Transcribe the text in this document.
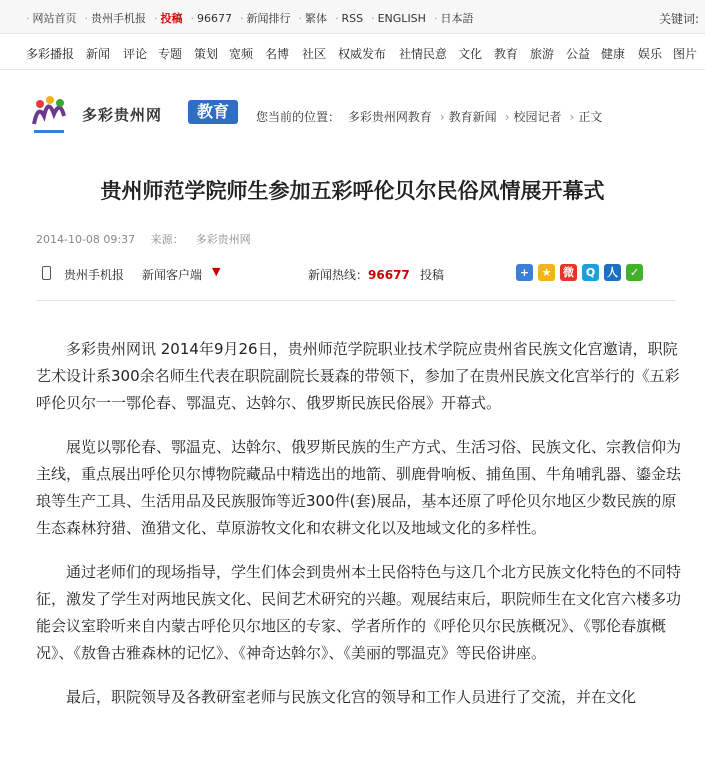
· 网站首页 · 贵州手机报 · 投稿 · 96677 · 新闻排行 · 繁体 · RSS · ENGLISH · 日本語	关键词:
多彩播报 新闻 评论 专题 策划 宽频 名博 社区 权威发布 社情民意 文化 教育 旅游 公益 健康 娱乐 图片
多彩贵州网	教育	您当前的位置： 多彩贵州网教育 › 教育新闻 › 校园记者 › 正文
贵州师范学院师生参加五彩呼伦贝尔民俗风情展开幕式
2014-10-08 09:37 来源： 多彩贵州网
贵州手机报 新闻客户端 ▼	新闻热线：96677 投稿	+ ★ 微 Q 人 ✓

多彩贵州网讯 2014年9月26日，贵州师范学院职业技术学院应贵州省民族文化宫邀请，职院艺术设计系300余名师生代表在职院副院长聂森的带领下，参加了在贵州民族文化宫举行的《五彩呼伦贝尔一一鄂伦春、鄂温克、达斡尔、俄罗斯民族民俗展》开幕式。

展览以鄂伦春、鄂温克、达斡尔、俄罗斯民族的生产方式、生活习俗、民族文化、宗教信仰为主线，重点展出呼伦贝尔博物院藏品中精选出的地箭、驯鹿骨响板、捕鱼围、牛角哺乳器、鎏金珐琅等生产工具、生活用品及民族服饰等近300件(套)展品，基本还原了呼伦贝尔地区少数民族的原生态森林狩猎、渔猎文化、草原游牧文化和农耕文化以及地域文化的多样性。

通过老师们的现场指导，学生们体会到贵州本土民俗特色与这几个北方民族文化特色的不同特征，激发了学生对两地民族文化、民间艺术研究的兴趣。观展结束后，职院师生在文化宫六楼多功能会议室聆听来自内蒙古呼伦贝尔地区的专家、学者所作的《呼伦贝尔民族概况》、《鄂伦春旗概况》、《敖鲁古雅森林的记忆》、《神奇达斡尔》、《美丽的鄂温克》等民俗讲座。

最后，职院领导及各教研室老师与民族文化宫的领导和工作人员进行了交流，并在文化
